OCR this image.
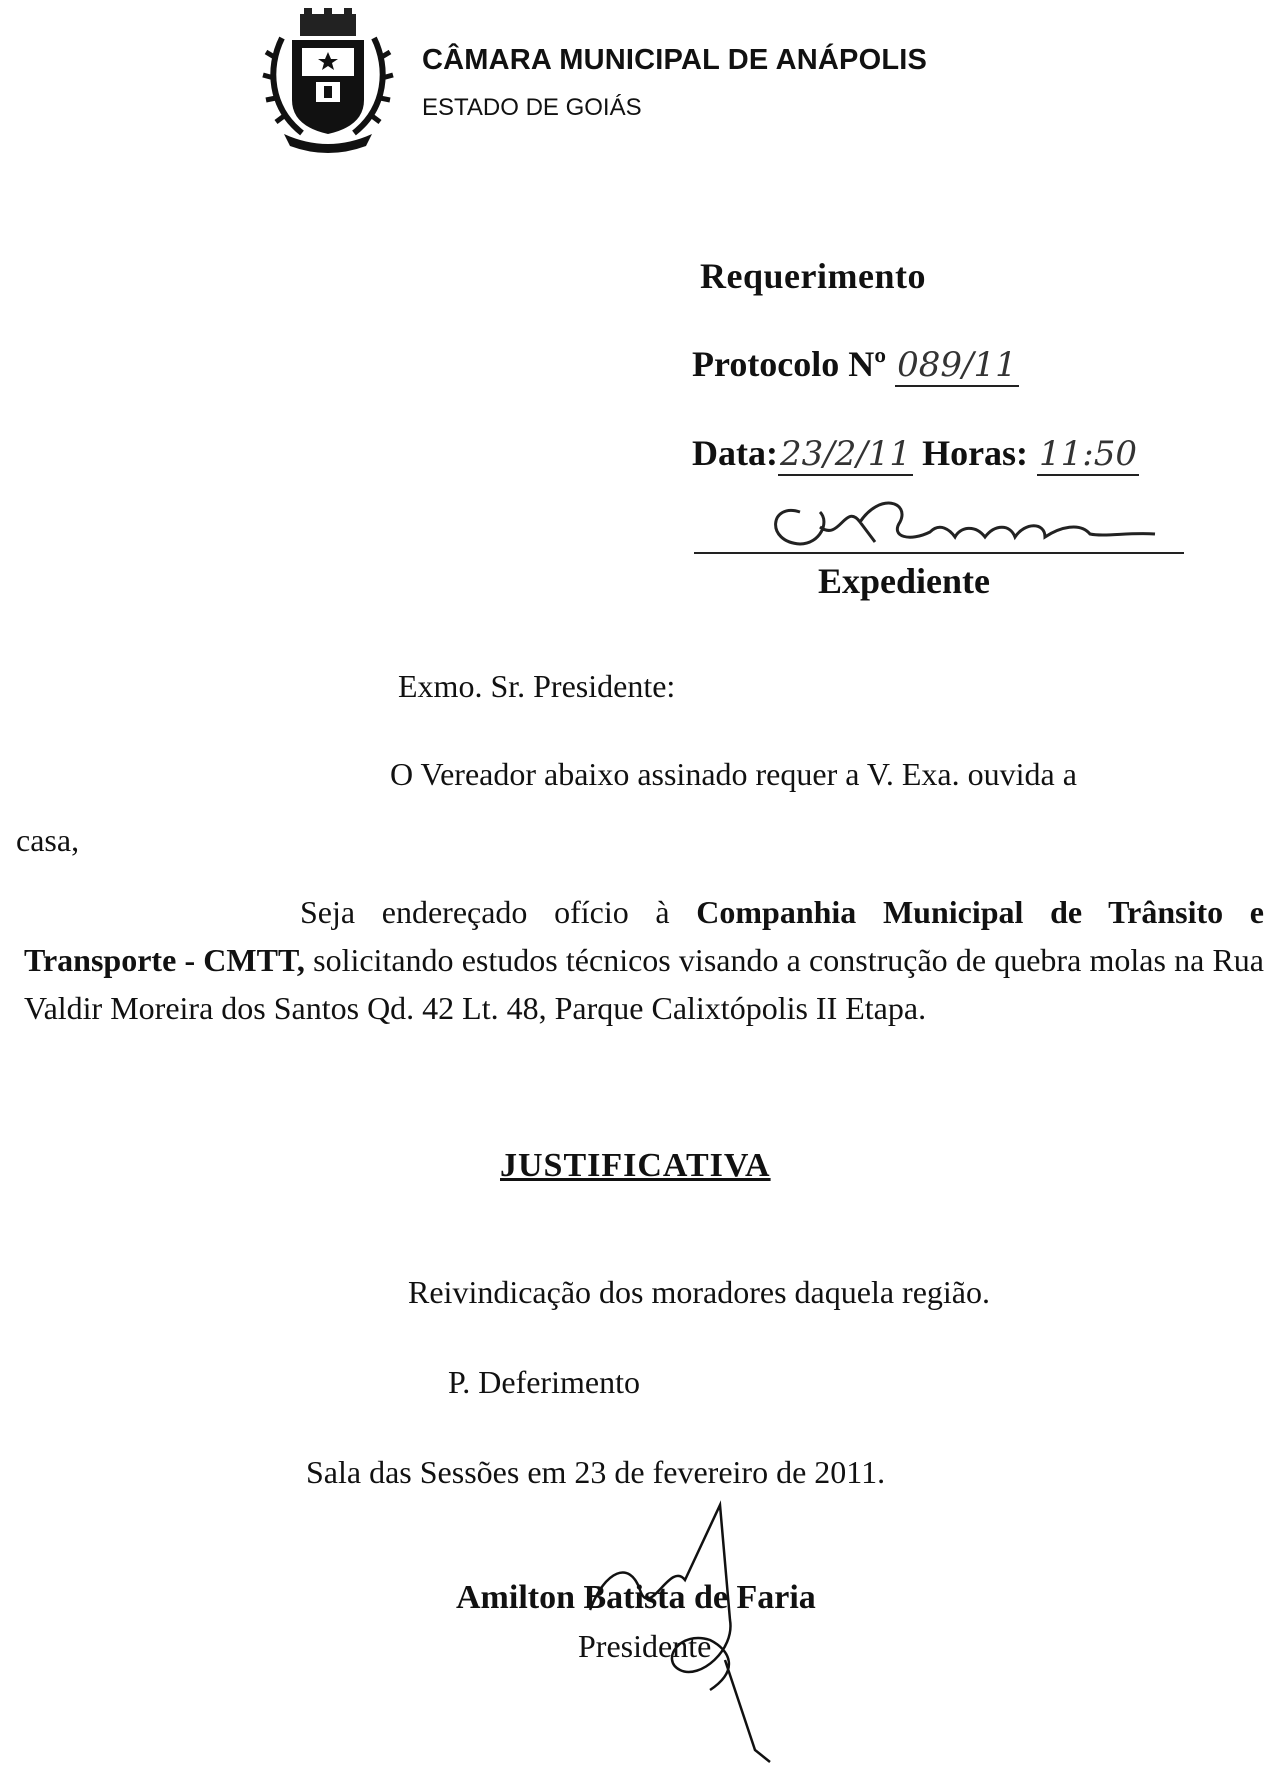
CÂMARA MUNICIPAL DE ANÁPOLIS
ESTADO DE GOIÁS
Requerimento
Protocolo Nº 089/11
Data:23/2/11 Horas: 11:50
Expediente
Exmo. Sr. Presidente:
O Vereador abaixo assinado requer a V. Exa. ouvida a
casa,
Seja endereçado ofício à Companhia Municipal de Trânsito e Transporte - CMTT, solicitando estudos técnicos visando a construção de quebra molas na Rua Valdir Moreira dos Santos Qd. 42 Lt. 48, Parque Calixtópolis II Etapa.
JUSTIFICATIVA
Reivindicação dos moradores daquela região.
P. Deferimento
Sala das Sessões em 23 de fevereiro de 2011.
Amilton Batista de Faria
Presidente
